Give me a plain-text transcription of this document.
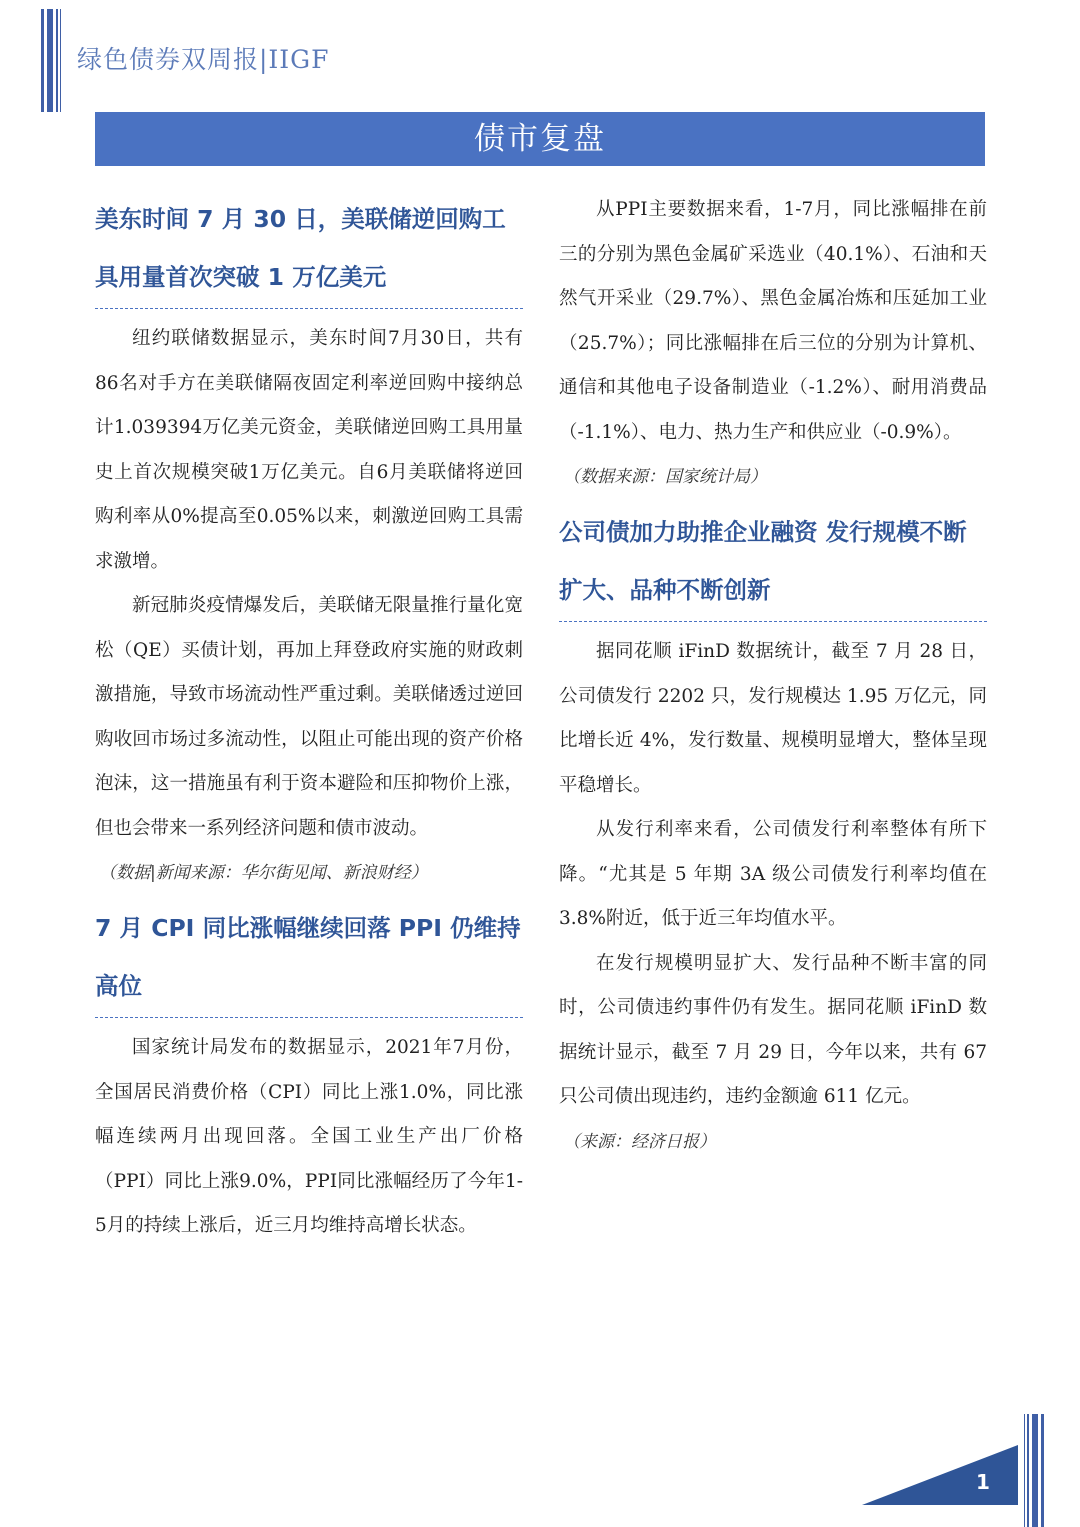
绿色债券双周报|IIGF
债市复盘
美东时间 7 月 30 日，美联储逆回购工具用量首次突破 1 万亿美元

纽约联储数据显示，美东时间7月30日，共有86名对手方在美联储隔夜固定利率逆回购中接纳总计1.039394万亿美元资金，美联储逆回购工具用量史上首次规模突破1万亿美元。自6月美联储将逆回购利率从0%提高至0.05%以来，刺激逆回购工具需求激增。

新冠肺炎疫情爆发后，美联储无限量推行量化宽松（QE）买债计划，再加上拜登政府实施的财政刺激措施，导致市场流动性严重过剩。美联储透过逆回购收回市场过多流动性，以阻止可能出现的资产价格泡沫，这一措施虽有利于资本避险和压抑物价上涨，但也会带来一系列经济问题和债市波动。

（数据|新闻来源：华尔街见闻、新浪财经）

7 月 CPI 同比涨幅继续回落 PPI 仍维持高位

国家统计局发布的数据显示，2021年7月份，全国居民消费价格（CPI）同比上涨1.0%，同比涨幅连续两月出现回落。全国工业生产出厂价格（PPI）同比上涨9.0%，PPI同比涨幅经历了今年1-5月的持续上涨后，近三月均维持高增长状态。

从PPI主要数据来看，1-7月，同比涨幅排在前三的分别为黑色金属矿采选业（40.1%）、石油和天然气开采业（29.7%）、黑色金属冶炼和压延加工业（25.7%）；同比涨幅排在后三位的分别为计算机、通信和其他电子设备制造业（-1.2%）、耐用消费品（-1.1%）、电力、热力生产和供应业（-0.9%）。

（数据来源：国家统计局）

公司债加力助推企业融资 发行规模不断扩大、品种不断创新

据同花顺 iFinD 数据统计，截至 7 月 28 日，公司债发行 2202 只，发行规模达 1.95 万亿元，同比增长近 4%，发行数量、规模明显增大，整体呈现平稳增长。

从发行利率来看，公司债发行利率整体有所下降。“尤其是 5 年期 3A 级公司债发行利率均值在 3.8%附近，低于近三年均值水平。

在发行规模明显扩大、发行品种不断丰富的同时，公司债违约事件仍有发生。据同花顺 iFinD 数据统计显示，截至 7 月 29 日，今年以来，共有 67 只公司债出现违约，违约金额逾 611 亿元。

（来源：经济日报）

1
